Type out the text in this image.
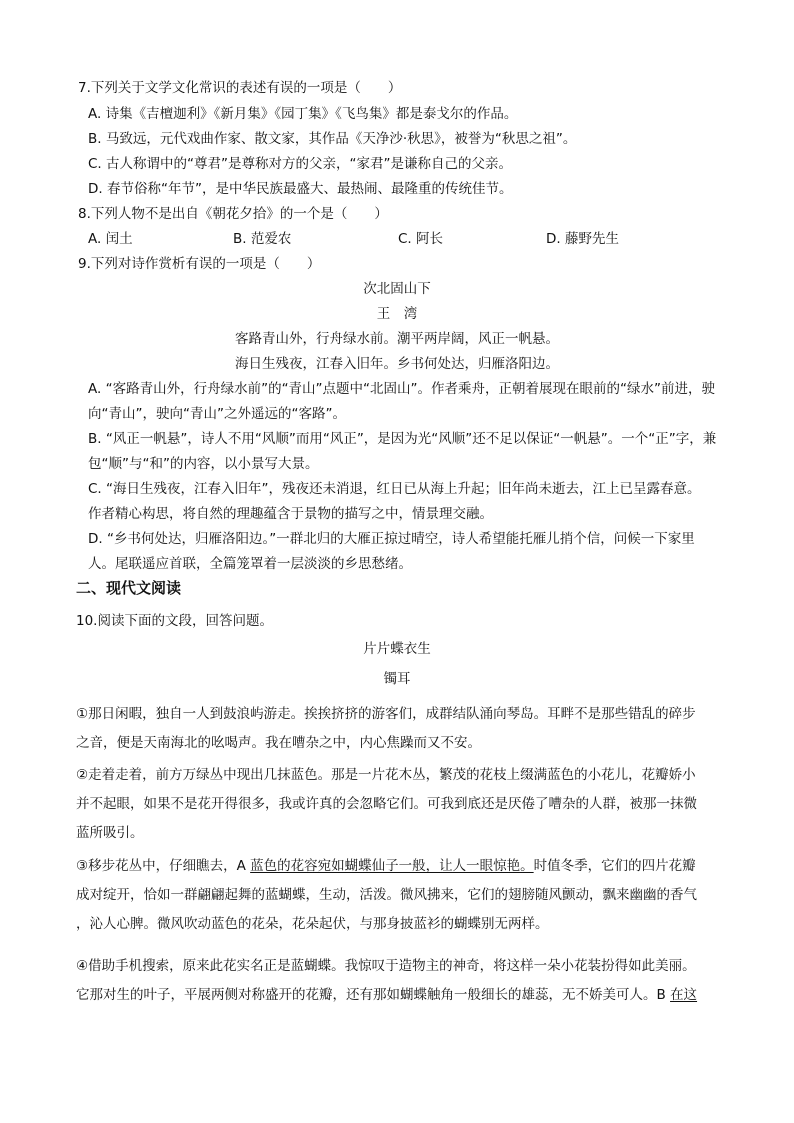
7.下列关于文学文化常识的表述有误的一项是（　　）
A. 诗集《吉檀迦利》《新月集》《园丁集》《飞鸟集》都是泰戈尔的作品。
B. 马致远，元代戏曲作家、散文家，其作品《天净沙·秋思》，被誉为“秋思之祖”。
C. 古人称谓中的“尊君”是尊称对方的父亲，“家君”是谦称自己的父亲。
D. 春节俗称“年节”，是中华民族最盛大、最热闹、最隆重的传统佳节。
8.下列人物不是出自《朝花夕拾》的一个是（　　）
A. 闰土	B. 范爱农	C. 阿长	D. 藤野先生
9.下列对诗作赏析有误的一项是（　　）
次北固山下
王　湾
客路青山外，行舟绿水前。潮平两岸阔，风正一帆悬。
海日生残夜，江春入旧年。乡书何处达，归雁洛阳边。
A. “客路青山外，行舟绿水前”的“青山”点题中“北固山”。作者乘舟，正朝着展现在眼前的“绿水”前进，驶
向“青山”，驶向“青山”之外遥远的“客路”。
B. “风正一帆悬”，诗人不用“风顺”而用“风正”，是因为光“风顺”还不足以保证“一帆悬”。一个“正”字，兼
包“顺”与“和”的内容，以小景写大景。
C. “海日生残夜，江春入旧年”，残夜还未消退，红日已从海上升起；旧年尚未逝去，江上已呈露春意。
作者精心构思，将自然的理趣蕴含于景物的描写之中，情景理交融。
D. “乡书何处达，归雁洛阳边。”一群北归的大雁正掠过晴空，诗人希望能托雁儿捎个信，问候一下家里
人。尾联遥应首联，全篇笼罩着一层淡淡的乡思愁绪。
二、现代文阅读
10.阅读下面的文段，回答问题。
片片蝶衣生
镯耳
①那日闲暇，独自一人到鼓浪屿游走。挨挨挤挤的游客们，成群结队涌向琴岛。耳畔不是那些错乱的碎步
之音，便是天南海北的吆喝声。我在嘈杂之中，内心焦躁而又不安。
②走着走着，前方万绿丛中现出几抹蓝色。那是一片花木丛，繁茂的花枝上缀满蓝色的小花儿，花瓣娇小
并不起眼，如果不是花开得很多，我或许真的会忽略它们。可我到底还是厌倦了嘈杂的人群，被那一抹微
蓝所吸引。
③移步花丛中，仔细瞧去，A 蓝色的花容宛如蝴蝶仙子一般，让人一眼惊艳。时值冬季，它们的四片花瓣
成对绽开，恰如一群翩翩起舞的蓝蝴蝶，生动，活泼。微风拂来，它们的翅膀随风颤动，飘来幽幽的香气
，沁人心脾。微风吹动蓝色的花朵，花朵起伏，与那身披蓝衫的蝴蝶别无两样。
④借助手机搜索，原来此花实名正是蓝蝴蝶。我惊叹于造物主的神奇，将这样一朵小花装扮得如此美丽。
它那对生的叶子，平展两侧对称盛开的花瓣，还有那如蝴蝶触角一般细长的雄蕊，无不娇美可人。B 在这
